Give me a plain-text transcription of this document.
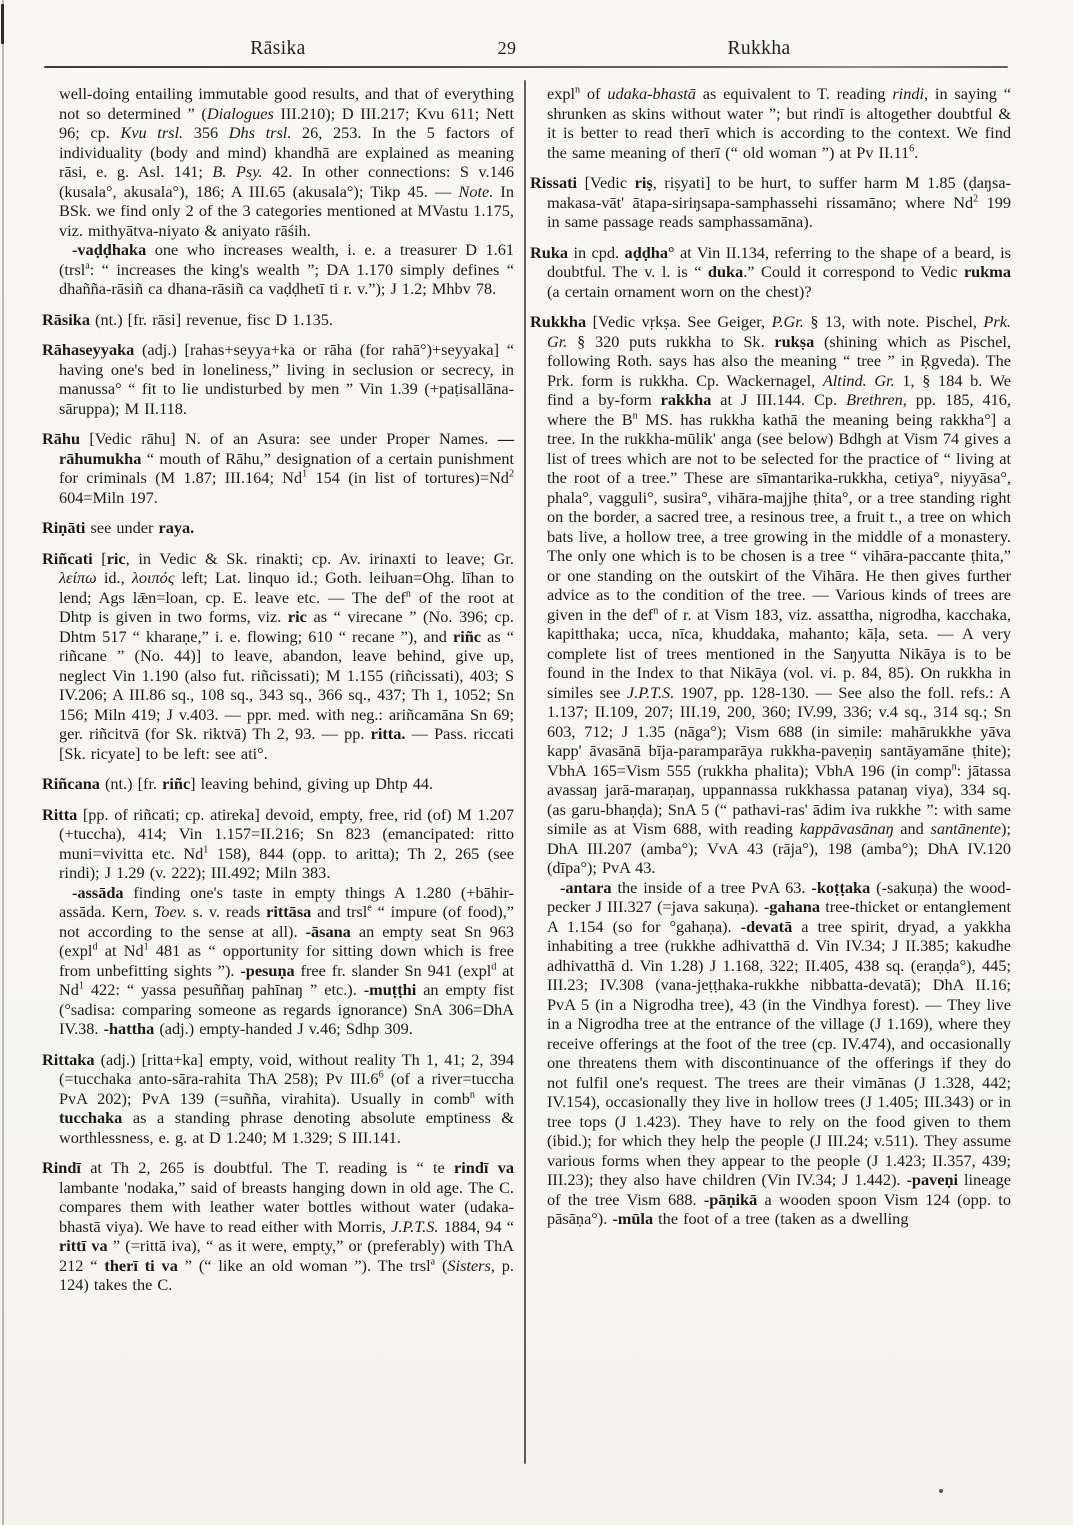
Rāsika	29	Rukkha

well-doing entailing immutable good results, and that of everything not so determined ” (Dialogues III.210); D III.217; Kvu 611; Nett 96; cp. Kvu trsl. 356 Dhs trsl. 26, 253. In the 5 factors of individuality (body and mind) khandhā are explained as meaning rāsi, e. g. Asl. 141; B. Psy. 42. In other connections: S v.146 (kusala°, akusala°), 186; A III.65 (akusala°); Tikp 45. — Note. In BSk. we find only 2 of the 3 categories mentioned at MVastu 1.175, viz. mithyātva-niyato & aniyato rāśih.

-vaḍḍhaka one who increases wealth, i. e. a treasurer D 1.61 (trsl$^a$: “ increases the king's wealth ”; DA 1.170 simply defines “ dhañña-rāsiñ ca dhana-rāsiñ ca vaḍḍhetī ti r. v.”); J 1.2; Mhbv 78.

Rāsika (nt.) [fr. rāsi] revenue, fisc D 1.135.

Rāhaseyyaka (adj.) [rahas+seyya+ka or rāha (for rahā°)+seyyaka] “ having one's bed in loneliness,” living in seclusion or secrecy, in manussa° “ fit to lie undisturbed by men ” Vin 1.39 (+paṭisallāna-sāruppa); M II.118.

Rāhu [Vedic rāhu] N. of an Asura: see under Proper Names. —rāhumukha “ mouth of Rāhu,” designation of a certain punishment for criminals (M 1.87; III.164; Nd$^1$ 154 (in list of $tortures)=Nd^2$ 604=Miln 197.

Riṇāti see under raya.

Riñcati [ric, in Vedic & Sk. rinakti; cp. Av. irinaxti to leave; Gr. λείπω id., λοιπός left; Lat. linquo id.; Goth. leiƕan=Ohg. līhan to lend; Ags lǣn=loan, cp. E. leave etc. — The def$^n$ of the root at Dhtp is given in two forms, viz. ric as “ virecane ” (No. 396; cp. Dhtm 517 “ kharaṇe,” i. e. flowing; 610 “ recane ”), and riñc as “ riñcane ” (No. 44)] to leave, abandon, leave behind, give up, neglect Vin 1.190 (also fut. riñcissati); M 1.155 (riñcissati), 403; S IV.206; A III.86 sq., 108 sq., 343 sq., 366 sq., 437; Th 1, 1052; Sn 156; Miln 419; J v.403. — ppr. med. with neg.: ariñcamāna Sn 69; ger. riñcitvā (for Sk. riktvā) Th 2, 93. — pp. ritta. — Pass. riccati [Sk. ricyate] to be left: see ati°.

Riñcana (nt.) [fr. riñc] leaving behind, giving up Dhtp 44.

Ritta [pp. of riñcati; cp. atireka] devoid, empty, free, rid (of) M 1.207 (+tuccha), 414; Vin 1.157=II.216; Sn 823 (emancipated: ritto muni=vivitta etc. Nd$^1$ 158), 844 (opp. to aritta); Th 2, 265 (see rindi); J 1.29 (v. 222); III.492; Miln 383.

-assāda finding one's taste in empty things A 1.280 (+bāhir-assāda. Kern, Toev. s. v. reads rittāsa and trsl$^e$ “ impure (of food),” not according to the sense at all). -āsana an empty seat Sn 963 (expl$^d$ at Nd$^1$ 481 as “ opportunity for sitting down which is free from unbefitting sights ”). -pesuṇa free fr. slander Sn 941 (expl$^d$ at Nd$^1$ 422: “ yassa pesuññaŋ pahīnaŋ ” etc.). -muṭṭhi an empty fist (°sadisa: comparing someone as regards ignorance) SnA 306=DhA IV.38. -hattha (adj.) empty-handed J v.46; Sdhp 309.

Rittaka (adj.) [ritta+ka] empty, void, without reality Th 1, 41; 2, 394 (=tucchaka anto-sāra-rahita ThA 258); Pv $III.6^6$ (of a river=tuccha PvA 202); PvA 139 (=suñña, virahita). Usually in comb$^n$ with tucchaka as a standing phrase denoting absolute emptiness & worthlessness, e. g. at D 1.240; M 1.329; S III.141.

Rindī at Th 2, 265 is doubtful. The T. reading is “ te rindī va lambante 'nodaka,” said of breasts hanging down in old age. The C. compares them with leather water bottles without water (udaka-bhastā viya). We have to read either with Morris, J.P.T.S. 1884, 94 “ rittī va ” (=rittā iva), “ as it were, empty,” or (preferably) with ThA 212 “ therī ti va ” (“ like an old woman ”). The trsl$^a$ (Sisters, p. 124) takes the C.

expl$^n$ of udaka-bhastā as equivalent to T. reading rindi, in saying “ shrunken as skins without water ”; but rindī is altogether doubtful & it is better to read therī which is according to the context. We find the same meaning of therī (“ old woman ”) at Pv $II.11^6$.

Rissati [Vedic riṣ, riṣyati] to be hurt, to suffer harm M 1.85 (ḍaŋsa-makasa-vāt' ātapa-siriŋsapa-samphassehi rissamāno; where Nd$^2$ 199 in same passage reads samphassamāna).

Ruka in cpd. aḍḍha° at Vin II.134, referring to the shape of a beard, is doubtful. The v. l. is “ duka.” Could it correspond to Vedic rukma (a certain ornament worn on the chest)?

Rukkha [Vedic vṛkṣa. See Geiger, P.Gr. § 13, with note. Pischel, Prk. Gr. § 320 puts rukkha to Sk. rukṣa (shining which as Pischel, following Roth. says has also the meaning “ tree ” in Ṛgveda). The Prk. form is rukkha. Cp. Wackernagel, Altind. Gr. 1, § 184 b. We find a by-form rakkha at J III.144. Cp. Brethren, pp. 185, 416, where the $B^n$ MS. has rukkha kathā the meaning being rakkha°] a tree. In the rukkha-mūlik' anga (see below) Bdhgh at Vism 74 gives a list of trees which are not to be selected for the practice of “ living at the root of a tree.” These are sīmantarika-rukkha, cetiya°, niyyāsa°, phala°, vagguli°, susira°, vihāra-majjhe ṭhita°, or a tree standing right on the border, a sacred tree, a resinous tree, a fruit t., a tree on which bats live, a hollow tree, a tree growing in the middle of a monastery. The only one which is to be chosen is a tree “ vihāra-paccante ṭhita,” or one standing on the outskirt of the Vihāra. He then gives further advice as to the condition of the tree. — Various kinds of trees are given in the def$^n$ of r. at Vism 183, viz. assattha, nigrodha, kacchaka, kapitthaka; ucca, nīca, khuddaka, mahanto; kāḷa, seta. — A very complete list of trees mentioned in the Saŋyutta Nikāya is to be found in the Index to that Nikāya (vol. vi. p. 84, 85). On rukkha in similes see J.P.T.S. 1907, pp. 128-130. — See also the foll. refs.: A 1.137; II.109, 207; III.19, 200, 360; IV.99, 336; v.4 sq., 314 sq.; Sn 603, 712; J 1.35 (nāga°); Vism 688 (in simile: mahārukkhe yāva kapp' āvasānā bīja-paramparāya rukkha-paveṇiŋ santāyamāne ṭhite); VbhA 165=Vism 555 (rukkha phalita); VbhA 196 (in comp$^n$: jātassa avassaŋ jarā-maraṇaŋ, uppannassa rukkhassa patanaŋ viya), 334 sq. (as garu-bhaṇḍa); SnA 5 (“ pathavi-ras' ādim iva rukkhe ”: with same simile as at Vism 688, with reading kappāvasānaŋ and santānente); DhA III.207 (amba°); VvA 43 (rāja°), 198 (amba°); DhA IV.120 (dīpa°); PvA 43.

-antara the inside of a tree PvA 63. -koṭṭaka (-sakuṇa) the wood-pecker J III.327 (=java sakuṇa). -gahana tree-thicket or entanglement A 1.154 (so for °gahaṇa). -devatā a tree spirit, dryad, a yakkha inhabiting a tree (rukkhe adhivatthā d. Vin IV.34; J II.385; kakudhe adhivatthā d. Vin 1.28) J 1.168, 322; II.405, 438 sq. (eraṇḍa°), 445; III.23; IV.308 (vana-jeṭṭhaka-rukkhe nibbatta-devatā); DhA II.16; PvA 5 (in a Nigrodha tree), 43 (in the Vindhya forest). — They live in a Nigrodha tree at the entrance of the village (J 1.169), where they receive offerings at the foot of the tree (cp. IV.474), and occasionally one threatens them with discontinuance of the offerings if they do not fulfil one's request. The trees are their vimānas (J 1.328, 442; IV.154), occasionally they live in hollow trees (J 1.405; III.343) or in tree tops (J 1.423). They have to rely on the food given to them (ibid.); for which they help the people (J III.24; v.511). They assume various forms when they appear to the people (J 1.423; II.357, 439; III.23); they also have children (Vin IV.34; J 1.442). -paveṇi lineage of the tree Vism 688. -pāṇikā a wooden spoon Vism 124 (opp. to pāsāṇa°). -mūla the foot of a tree (taken as a dwelling
